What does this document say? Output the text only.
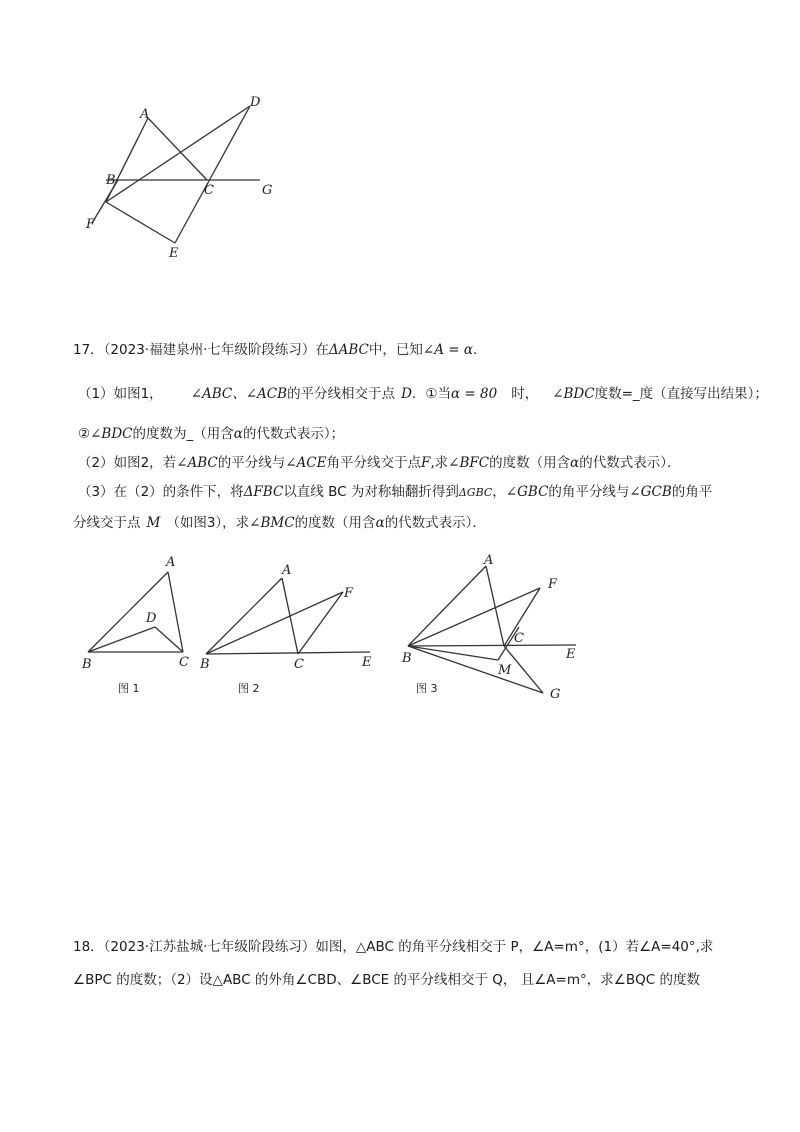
A
D
B
C	G
F
E
17．（2023·福建泉州·七年级阶段练习）在ΔABC中，已知∠A = α．
（1）如图1， ∠ABC、∠ACB的平分线相交于点 D．①当α = 80 时， ∠BDC度数=_度（直接写出结果）；
②∠BDC的度数为_（用含α的代数式表示）；
（2）如图2，若∠ABC的平分线与∠ACE角平分线交于点F,求∠BFC的度数（用含α的代数式表示）．
（3）在（2）的条件下，将ΔFBC以直线 BC 为对称轴翻折得到ΔGBC，∠GBC的角平分线与∠GCB的角平
分线交于点 M （如图3），求∠BMC的度数（用含α的代数式表示）．
A
D
B	C
图 1
A
F
B	C	E
图 2
A
F
C
E
B
M
G
图 3
18．（2023·江苏盐城·七年级阶段练习）如图，△ABC 的角平分线相交于 P，∠A=m°，(1）若∠A=40°,求
∠BPC 的度数；（2）设△ABC 的外角∠CBD、∠BCE 的平分线相交于 Q， 且∠A=m°，求∠BQC 的度数
